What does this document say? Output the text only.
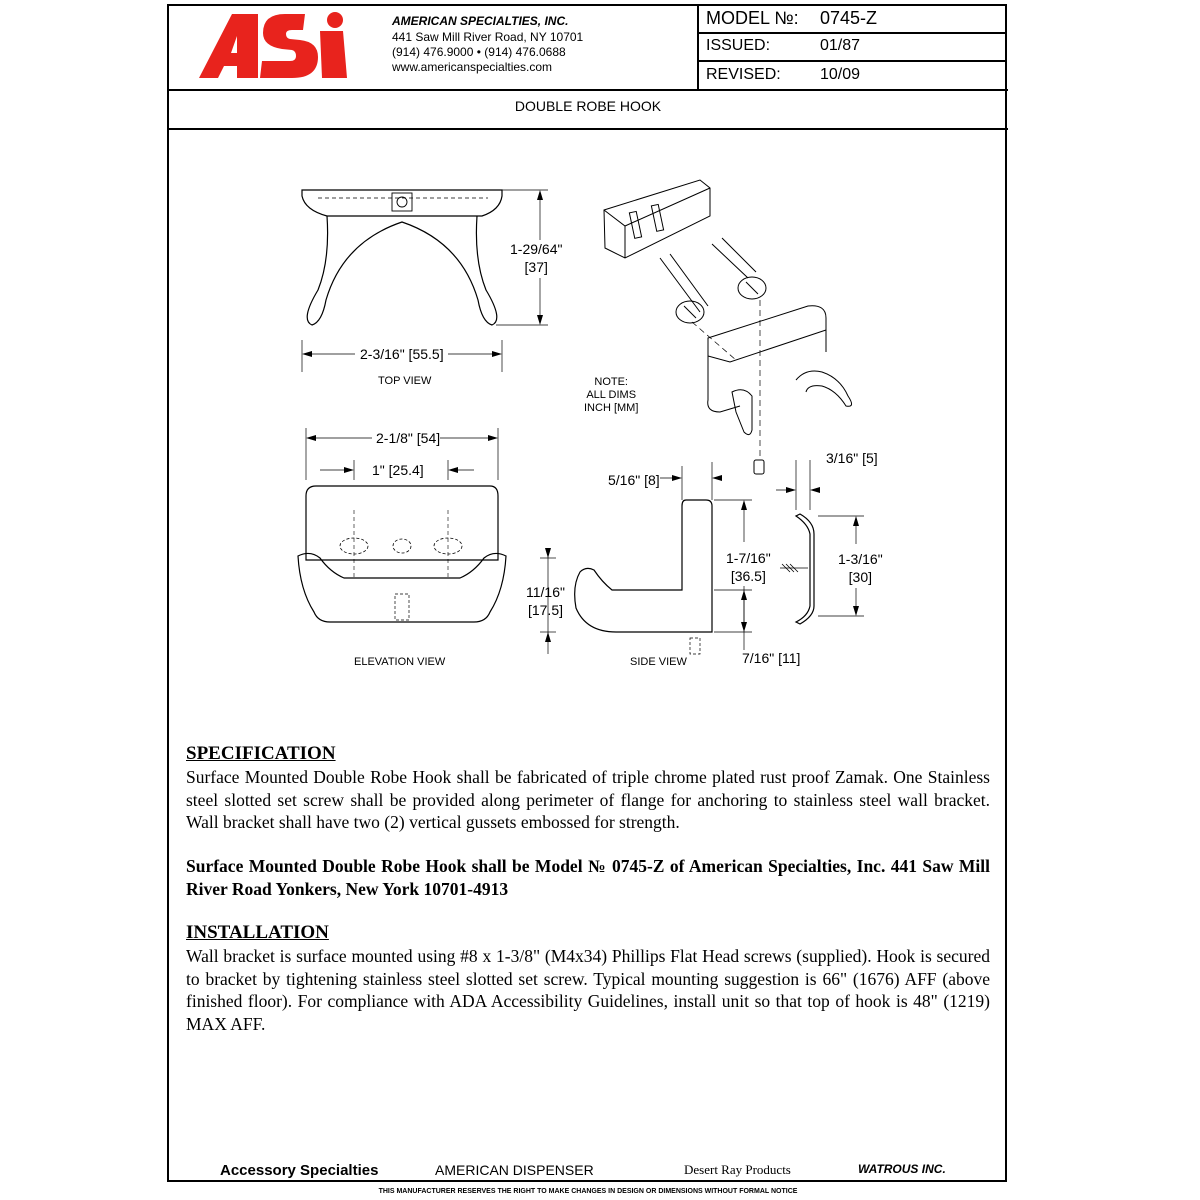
AMERICAN SPECIALTIES, INC.
441 Saw Mill River Road, NY 10701
(914) 476.9000 • (914) 476.0688
www.americanspecialties.com
MODEL №: 0745-Z
ISSUED:	01/87
REVISED: 10/09
DOUBLE ROBE HOOK
1-29/64"
[37]
2-3/16" [55.5]
TOP VIEW	NOTE:
ALL DIMS
INCH [MM]
2-1/8" [54]
1" [25.4]
ELEVATION VIEW
11/16"
[17.5]
5/16" [8]
1-7/16"
[36.5]
7/16" [11]
SIDE VIEW
3/16" [5]
1-3/16"
[30]
SPECIFICATION
Surface Mounted Double Robe Hook shall be fabricated of triple chrome plated rust proof Zamak. One Stainless steel slotted set screw shall be provided along perimeter of flange for anchoring to stainless steel wall bracket. Wall bracket shall have two (2) vertical gussets embossed for strength.
Surface Mounted Double Robe Hook shall be Model № 0745-Z of American Specialties, Inc. 441 Saw Mill River Road Yonkers, New York 10701-4913
INSTALLATION
Wall bracket is surface mounted using #8 x 1-3/8" (M4x34) Phillips Flat Head screws (supplied). Hook is secured to bracket by tightening stainless steel slotted set screw. Typical mounting suggestion is 66" (1676) AFF (above finished floor). For compliance with ADA Accessibility Guidelines, install unit so that top of hook is 48" (1219) MAX AFF.
Accessory Specialties	AMERICAN DISPENSER	Desert Ray Products	WATROUS INC.
THIS MANUFACTURER RESERVES THE RIGHT TO MAKE CHANGES IN DESIGN OR DIMENSIONS WITHOUT FORMAL NOTICE
